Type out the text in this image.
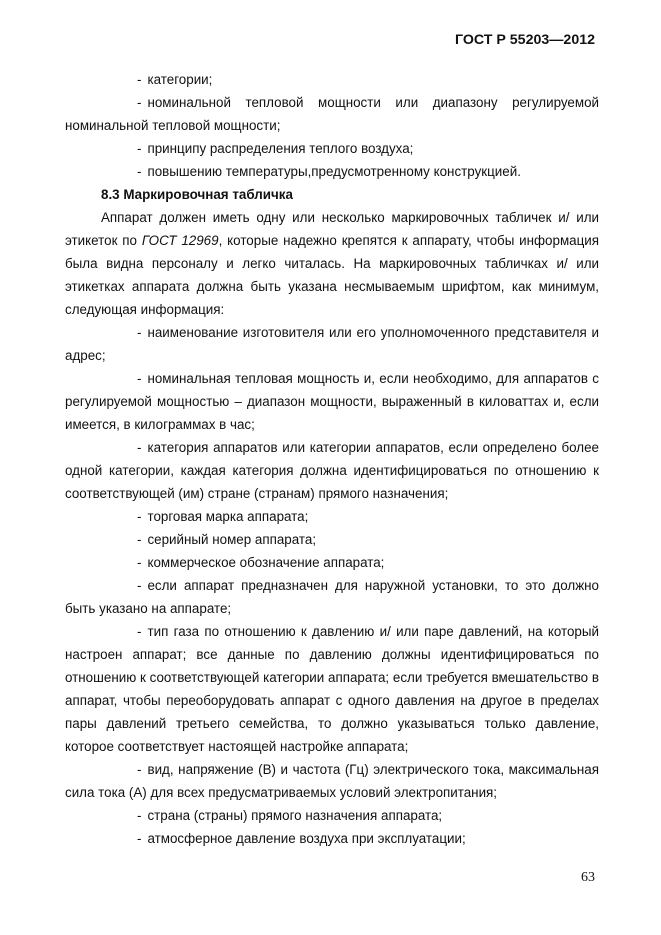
ГОСТ Р 55203—2012

- категории;

- номинальной тепловой мощности или диапазону регулируемой номинальной тепловой мощности;

- принципу распределения теплого воздуха;

- повышению температуры,предусмотренному конструкцией.

8.3 Маркировочная табличка

Аппарат должен иметь одну или несколько маркировочных табличек и/ или этикеток по ГОСТ 12969, которые надежно крепятся к аппарату, чтобы информация была видна персоналу и легко читалась. На маркировочных табличках и/ или этикетках аппарата должна быть указана несмываемым шрифтом, как минимум, следующая информация:

- наименование изготовителя или его уполномоченного представителя и адрес;

- номинальная тепловая мощность и, если необходимо, для аппаратов с регулируемой мощностью – диапазон мощности, выраженный в киловаттах и, если имеется, в килограммах в час;

- категория аппаратов или категории аппаратов, если определено более одной категории, каждая категория должна идентифицироваться по отношению к соответствующей (им) стране (странам) прямого назначения;

- торговая марка аппарата;

- серийный номер аппарата;

- коммерческое обозначение аппарата;

- если аппарат предназначен для наружной установки, то это должно быть указано на аппарате;

- тип газа по отношению к давлению и/ или паре давлений, на который настроен аппарат; все данные по давлению должны идентифицироваться по отношению к соответствующей категории аппарата; если требуется вмешательство в аппарат, чтобы переоборудовать аппарат с одного давления на другое в пределах пары давлений третьего семейства, то должно указываться только давление, которое соответствует настоящей настройке аппарата;

- вид, напряжение (В) и частота (Гц) электрического тока, максимальная сила тока (А) для всех предусматриваемых условий электропитания;

- страна (страны) прямого назначения аппарата;

- атмосферное давление воздуха при эксплуатации;

63
